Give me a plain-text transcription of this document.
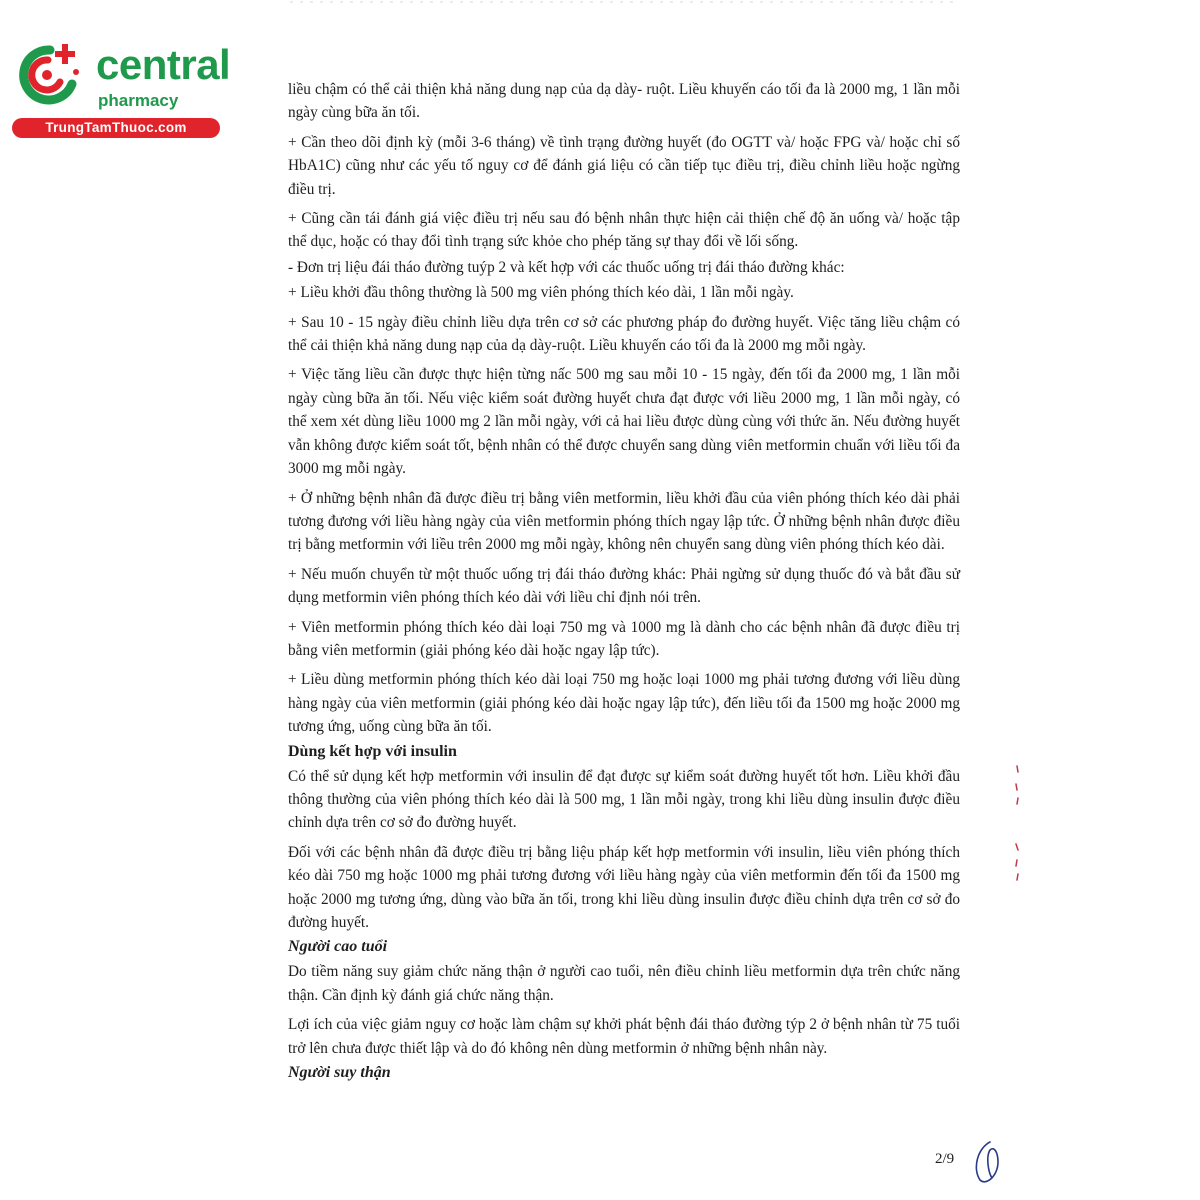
central
pharmacy
TrungTamThuoc.com

liều chậm có thể cải thiện khả năng dung nạp của dạ dày- ruột. Liều khuyến cáo tối đa là 2000 mg, 1 lần mỗi ngày cùng bữa ăn tối.

+ Cần theo dõi định kỳ (mỗi 3-6 tháng) về tình trạng đường huyết (đo OGTT và/ hoặc FPG và/ hoặc chỉ số HbA1C) cũng như các yếu tố nguy cơ để đánh giá liệu có cần tiếp tục điều trị, điều chỉnh liều hoặc ngừng điều trị.

+ Cũng cần tái đánh giá việc điều trị nếu sau đó bệnh nhân thực hiện cải thiện chế độ ăn uống và/ hoặc tập thể dục, hoặc có thay đổi tình trạng sức khỏe cho phép tăng sự thay đổi về lối sống.

- Đơn trị liệu đái tháo đường tuýp 2 và kết hợp với các thuốc uống trị đái tháo đường khác:

+ Liều khởi đầu thông thường là 500 mg viên phóng thích kéo dài, 1 lần mỗi ngày.

+ Sau 10 - 15 ngày điều chỉnh liều dựa trên cơ sở các phương pháp đo đường huyết. Việc tăng liều chậm có thể cải thiện khả năng dung nạp của dạ dày-ruột. Liều khuyến cáo tối đa là 2000 mg mỗi ngày.

+ Việc tăng liều cần được thực hiện từng nấc 500 mg sau mỗi 10 - 15 ngày, đến tối đa 2000 mg, 1 lần mỗi ngày cùng bữa ăn tối. Nếu việc kiểm soát đường huyết chưa đạt được với liều 2000 mg, 1 lần mỗi ngày, có thể xem xét dùng liều 1000 mg 2 lần mỗi ngày, với cả hai liều được dùng cùng với thức ăn. Nếu đường huyết vẫn không được kiểm soát tốt, bệnh nhân có thể được chuyển sang dùng viên metformin chuẩn với liều tối đa 3000 mg mỗi ngày.

+ Ở những bệnh nhân đã được điều trị bằng viên metformin, liều khởi đầu của viên phóng thích kéo dài phải tương đương với liều hàng ngày của viên metformin phóng thích ngay lập tức. Ở những bệnh nhân được điều trị bằng metformin với liều trên 2000 mg mỗi ngày, không nên chuyển sang dùng viên phóng thích kéo dài.

+ Nếu muốn chuyển từ một thuốc uống trị đái tháo đường khác: Phải ngừng sử dụng thuốc đó và bắt đầu sử dụng metformin viên phóng thích kéo dài với liều chỉ định nói trên.

+ Viên metformin phóng thích kéo dài loại 750 mg và 1000 mg là dành cho các bệnh nhân đã được điều trị bằng viên metformin (giải phóng kéo dài hoặc ngay lập tức).

+ Liều dùng metformin phóng thích kéo dài loại 750 mg hoặc loại 1000 mg phải tương đương với liều dùng hàng ngày của viên metformin (giải phóng kéo dài hoặc ngay lập tức), đến liều tối đa 1500 mg hoặc 2000 mg tương ứng, uống cùng bữa ăn tối.

Dùng kết hợp với insulin

Có thể sử dụng kết hợp metformin với insulin để đạt được sự kiểm soát đường huyết tốt hơn. Liều khởi đầu thông thường của viên phóng thích kéo dài là 500 mg, 1 lần mỗi ngày, trong khi liều dùng insulin được điều chỉnh dựa trên cơ sở đo đường huyết.

Đối với các bệnh nhân đã được điều trị bằng liệu pháp kết hợp metformin với insulin, liều viên phóng thích kéo dài 750 mg hoặc 1000 mg phải tương đương với liều hàng ngày của viên metformin đến tối đa 1500 mg hoặc 2000 mg tương ứng, dùng vào bữa ăn tối, trong khi liều dùng insulin được điều chỉnh dựa trên cơ sở đo đường huyết.

Người cao tuổi

Do tiềm năng suy giảm chức năng thận ở người cao tuổi, nên điều chỉnh liều metformin dựa trên chức năng thận. Cần định kỳ đánh giá chức năng thận.

Lợi ích của việc giảm nguy cơ hoặc làm chậm sự khởi phát bệnh đái tháo đường týp 2 ở bệnh nhân từ 75 tuổi trở lên chưa được thiết lập và do đó không nên dùng metformin ở những bệnh nhân này.

Người suy thận
2/9
